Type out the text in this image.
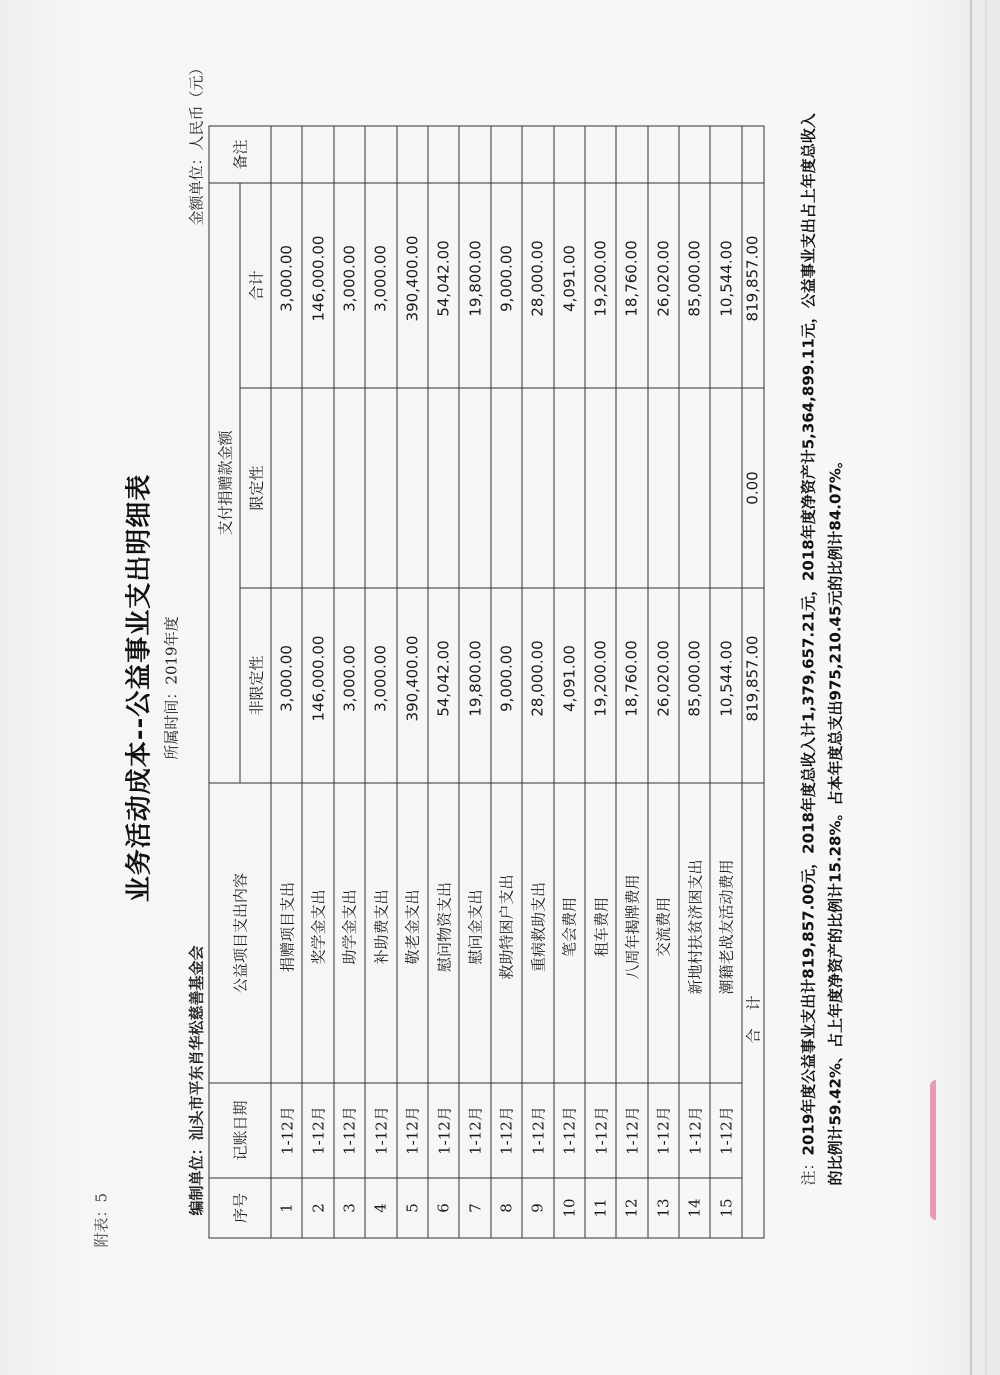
附表：5
业务活动成本--公益事业支出明细表 所属时间：2019年度
编制单位：汕头市平东肖华松慈善基金会
金额单位：人民币（元）
序号	记账日期	公益项目支出内容	支付捐赠款金额			备注
			非限定性	限定性	合计	
1	1-12月	捐赠项目支出	3,000.00		3,000.00	
2	1-12月	奖学金支出	146,000.00		146,000.00	
3	1-12月	助学金支出	3,000.00		3,000.00	
4	1-12月	补助费支出	3,000.00		3,000.00	
5	1-12月	敬老金支出	390,400.00		390,400.00	
6	1-12月	慰问物资支出	54,042.00		54,042.00	
7	1-12月	慰问金支出	19,800.00		19,800.00	
8	1-12月	救助特困户支出	9,000.00		9,000.00	
9	1-12月	重病救助支出	28,000.00		28,000.00	
10	1-12月	笔会费用	4,091.00		4,091.00	
11	1-12月	租车费用	19,200.00		19,200.00	
12	1-12月	八周年揭牌费用	18,760.00		18,760.00	
13	1-12月	交流费用	26,020.00		26,020.00	
14	1-12月	新地村扶贫济困支出	85,000.00		85,000.00	
15	1-12月	潮籍老战友活动费用	10,544.00		10,544.00	
合计			819,857.00	0.00	819,857.00	
注：2019年度公益事业支出计819,857.00元，2018年度总收入计1,379,657.21元，2018年度净资产计5,364,899.11元，公益事业支出占上年度总收入的比例计59.42%、占上年度净资产的比例计15.28%。占本年度总支出975,210.45元的比例计84.07%。
